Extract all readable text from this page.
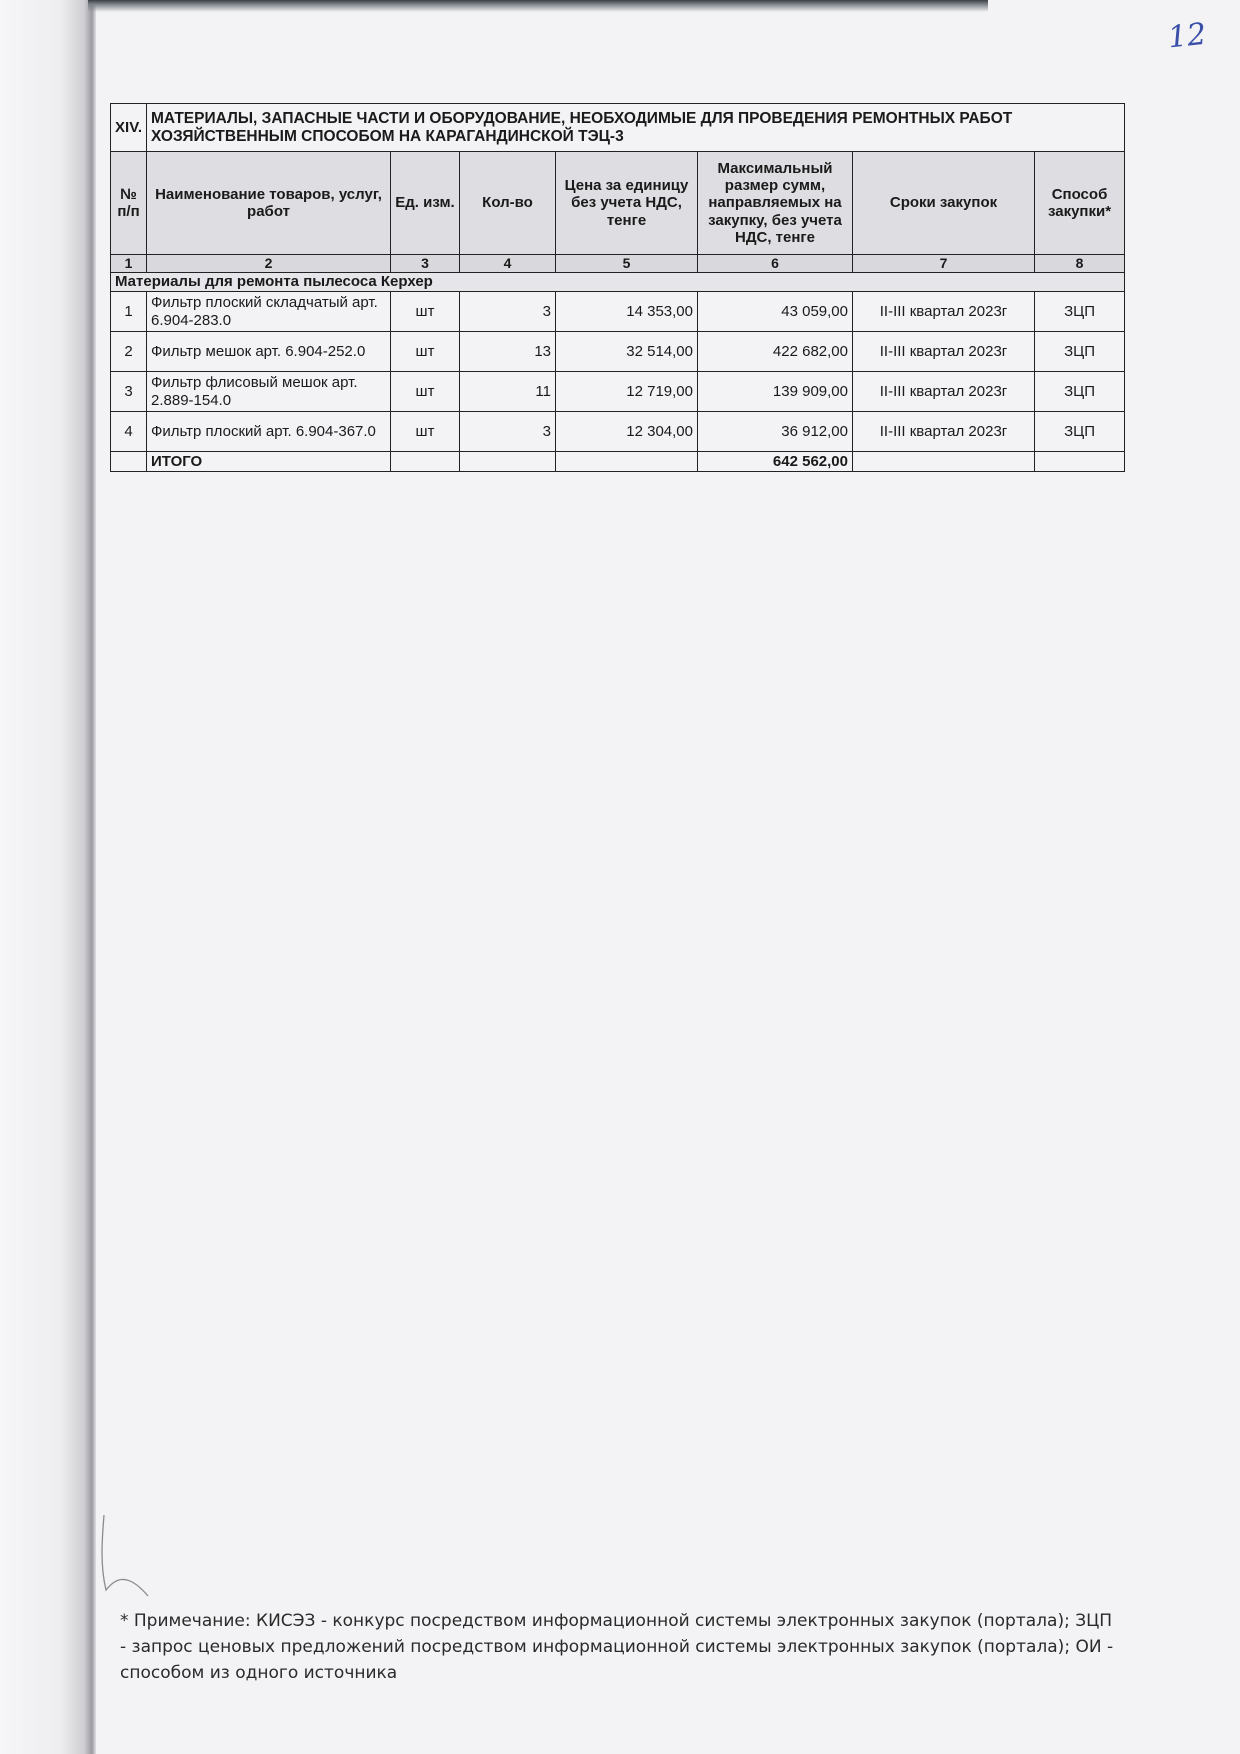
12
XIV.	МАТЕРИАЛЫ, ЗАПАСНЫЕ ЧАСТИ И ОБОРУДОВАНИЕ, НЕОБХОДИМЫЕ ДЛЯ ПРОВЕДЕНИЯ РЕМОНТНЫХ РАБОТ ХОЗЯЙСТВЕННЫМ СПОСОБОМ НА КАРАГАНДИНСКОЙ ТЭЦ-3						
№ п/п	Наименование товаров, услуг, работ	Ед. изм.	Кол-во	Цена за единицу без учета НДС, тенге	Максимальный размер сумм, направляемых на закупку, без учета НДС, тенге	Сроки закупок	Способ закупки*
1	2	3	4	5	6	7	8
Материалы для ремонта пылесоса Керхер							
1	Фильтр плоский складчатый арт. 6.904-283.0	шт	3	14 353,00	43 059,00	II-III квартал 2023г	ЗЦП
2	Фильтр мешок арт. 6.904-252.0	шт	13	32 514,00	422 682,00	II-III квартал 2023г	ЗЦП
3	Фильтр флисовый мешок арт. 2.889-154.0	шт	11	12 719,00	139 909,00	II-III квартал 2023г	ЗЦП
4	Фильтр плоский арт. 6.904-367.0	шт	3	12 304,00	36 912,00	II-III квартал 2023г	ЗЦП
	ИТОГО				642 562,00		
* Примечание: КИСЭЗ - конкурс посредством информационной системы электронных закупок (портала); ЗЦП - запрос ценовых предложений посредством информационной системы электронных закупок (портала); ОИ - способом из одного источника
